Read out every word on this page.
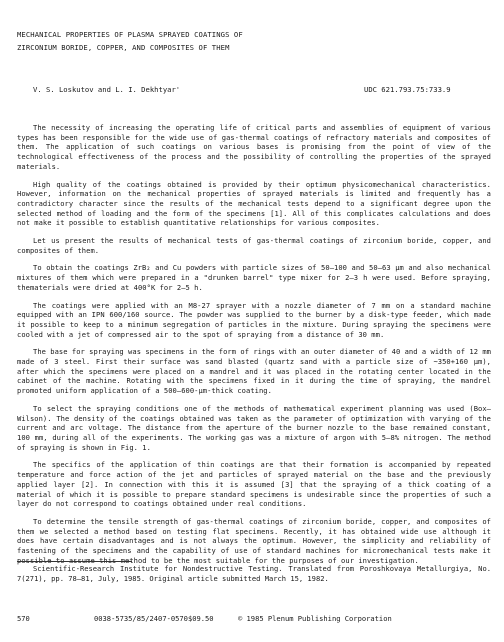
MECHANICAL PROPERTIES OF PLASMA SPRAYED COATINGS OF
ZIRCONIUM BORIDE, COPPER, AND COMPOSITES OF THEM
V. S. Loskutov and L. I. Dekhtyar'	UDC 621.793.75:733.9

The necessity of increasing the operating life of critical parts and assemblies of equipment of various types has been responsible for the wide use of gas-thermal coatings of refractory materials and composites of them. The application of such coatings on various bases is promising from the point of view of the technological effectiveness of the process and the possibility of controlling the properties of the sprayed materials.

High quality of the coatings obtained is provided by their optimum physicomechanical characteristics. However, information on the mechanical properties of sprayed materials is limited and frequently has a contradictory character since the results of the mechanical tests depend to a significant degree upon the selected method of loading and the form of the specimens [1]. All of this complicates calculations and does not make it possible to establish quantitative relationships for various composites.

Let us present the results of mechanical tests of gas-thermal coatings of zirconium boride, copper, and composites of them.

To obtain the coatings ZrB₂ and Cu powders with particle sizes of 50–100 and 50–63 μm and also mechanical mixtures of them which were prepared in a "drunken barrel" type mixer for 2–3 h were used. Before spraying, thematerials were dried at 400°K for 2–5 h.

The coatings were applied with an M8-27 sprayer with a nozzle diameter of 7 mm on a standard machine equipped with an IPN 600/160 source. The powder was supplied to the burner by a disk-type feeder, which made it possible to keep to a minimum segregation of particles in the mixture. During spraying the specimens were cooled with a jet of compressed air to the spot of spraying from a distance of 30 mm.

The base for spraying was specimens in the form of rings with an outer diameter of 40 and a width of 12 mm made of 3 steel. First their surface was sand blasted (quartz sand with a particle size of ~350+160 μm), after which the specimens were placed on a mandrel and it was placed in the rotating center located in the cabinet of the machine. Rotating with the specimens fixed in it during the time of spraying, the mandrel promoted uniform application of a 500–600-μm-thick coating.

To select the spraying conditions one of the methods of mathematical experiment planning was used (Box–Wilson). The density of the coatings obtained was taken as the parameter of optimization with varying of the current and arc voltage. The distance from the aperture of the burner nozzle to the base remained constant, 100 mm, during all of the experiments. The working gas was a mixture of argon with 5–8% nitrogen. The method of spraying is shown in Fig. 1.

The specifics of the application of thin coatings are that their formation is accompanied by repeated temperature and force action of the jet and particles of sprayed material on the base and the previously applied layer [2]. In connection with this it is assumed [3] that the spraying of a thick coating of a material of which it is possible to prepare standard specimens is undesirable since the properties of such a layer do not correspond to coatings obtained under real conditions.

To determine the tensile strength of gas-thermal coatings of zirconium boride, copper, and composites of them we selected a method based on testing flat specimens. Recently, it has obtained wide use although it does have certain disadvantages and is not always the optimum. However, the simplicity and reliability of fastening of the specimens and the capability of use of standard machines for micromechanical tests make it possible to assume this method to be the most suitable for the purposes of our investigation.

Scientific-Research Institute for Nondestructive Testing. Translated from Poroshkovaya Metallurgiya, No. 7(271), pp. 78–81, July, 1985. Original article submitted March 15, 1982.

570	0038-5735/85/2407-0570$09.50	© 1985 Plenum Publishing Corporation
